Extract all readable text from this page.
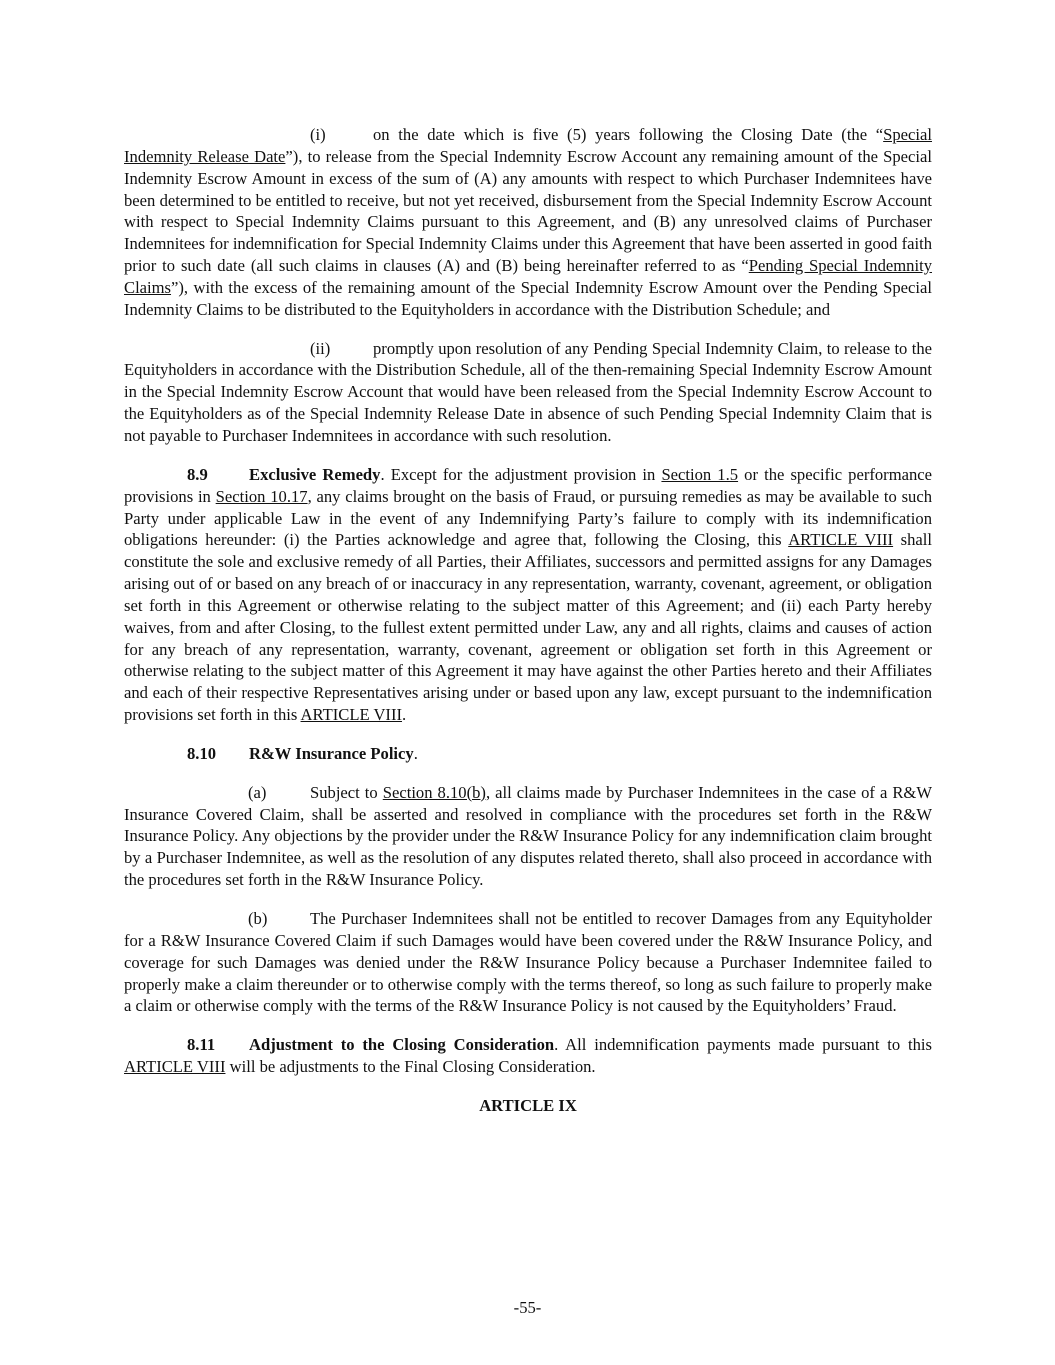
(i)	on the date which is five (5) years following the Closing Date (the “Special Indemnity Release Date”), to release from the Special Indemnity Escrow Account any remaining amount of the Special Indemnity Escrow Amount in excess of the sum of (A) any amounts with respect to which Purchaser Indemnitees have been determined to be entitled to receive, but not yet received, disbursement from the Special Indemnity Escrow Account with respect to Special Indemnity Claims pursuant to this Agreement, and (B) any unresolved claims of Purchaser Indemnitees for indemnification for Special Indemnity Claims under this Agreement that have been asserted in good faith prior to such date (all such claims in clauses (A) and (B) being hereinafter referred to as “Pending Special Indemnity Claims”), with the excess of the remaining amount of the Special Indemnity Escrow Amount over the Pending Special Indemnity Claims to be distributed to the Equityholders in accordance with the Distribution Schedule; and

(ii)	promptly upon resolution of any Pending Special Indemnity Claim, to release to the Equityholders in accordance with the Distribution Schedule, all of the then-remaining Special Indemnity Escrow Amount in the Special Indemnity Escrow Account that would have been released from the Special Indemnity Escrow Account to the Equityholders as of the Special Indemnity Release Date in absence of such Pending Special Indemnity Claim that is not payable to Purchaser Indemnitees in accordance with such resolution.

8.9 Exclusive Remedy. Except for the adjustment provision in Section 1.5 or the specific performance provisions in Section 10.17, any claims brought on the basis of Fraud, or pursuing remedies as may be available to such Party under applicable Law in the event of any Indemnifying Party’s failure to comply with its indemnification obligations hereunder: (i) the Parties acknowledge and agree that, following the Closing, this ARTICLE VIII shall constitute the sole and exclusive remedy of all Parties, their Affiliates, successors and permitted assigns for any Damages arising out of or based on any breach of or inaccuracy in any representation, warranty, covenant, agreement, or obligation set forth in this Agreement or otherwise relating to the subject matter of this Agreement; and (ii) each Party hereby waives, from and after Closing, to the fullest extent permitted under Law, any and all rights, claims and causes of action for any breach of any representation, warranty, covenant, agreement or obligation set forth in this Agreement or otherwise relating to the subject matter of this Agreement it may have against the other Parties hereto and their Affiliates and each of their respective Representatives arising under or based upon any law, except pursuant to the indemnification provisions set forth in this ARTICLE VIII.

8.10 R&W Insurance Policy.

(a)	Subject to Section 8.10(b), all claims made by Purchaser Indemnitees in the case of a R&W Insurance Covered Claim, shall be asserted and resolved in compliance with the procedures set forth in the R&W Insurance Policy. Any objections by the provider under the R&W Insurance Policy for any indemnification claim brought by a Purchaser Indemnitee, as well as the resolution of any disputes related thereto, shall also proceed in accordance with the procedures set forth in the R&W Insurance Policy.

(b)	The Purchaser Indemnitees shall not be entitled to recover Damages from any Equityholder for a R&W Insurance Covered Claim if such Damages would have been covered under the R&W Insurance Policy, and coverage for such Damages was denied under the R&W Insurance Policy because a Purchaser Indemnitee failed to properly make a claim thereunder or to otherwise comply with the terms thereof, so long as such failure to properly make a claim or otherwise comply with the terms of the R&W Insurance Policy is not caused by the Equityholders’ Fraud.

8.11 Adjustment to the Closing Consideration. All indemnification payments made pursuant to this ARTICLE VIII will be adjustments to the Final Closing Consideration.

ARTICLE IX

-55-
